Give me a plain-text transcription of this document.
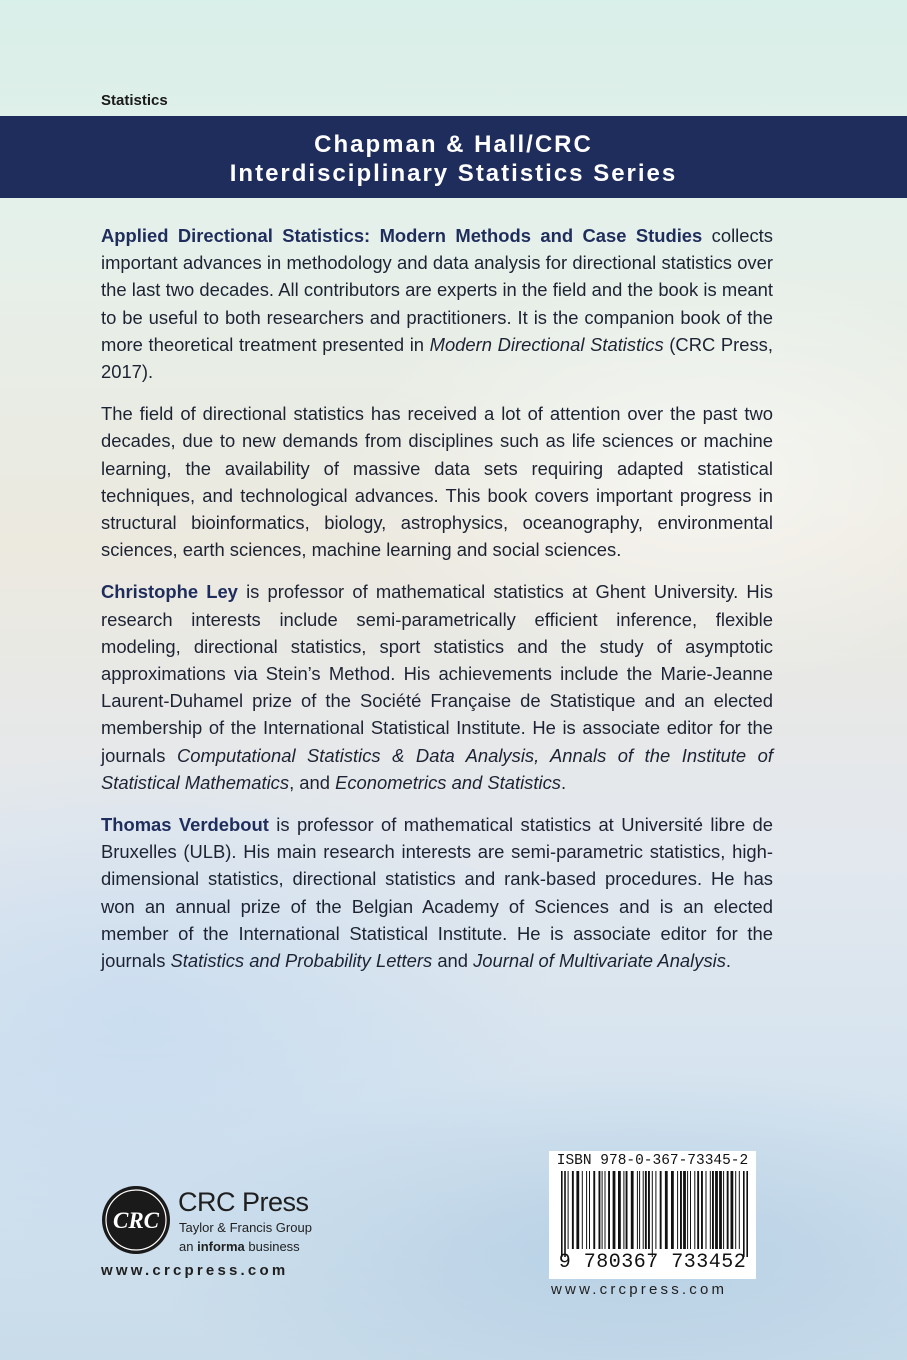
Statistics
Chapman & Hall/CRC
Interdisciplinary Statistics Series

Applied Directional Statistics: Modern Methods and Case Studies collects important advances in methodology and data analysis for directional statistics over the last two decades. All contributors are experts in the field and the book is meant to be useful to both researchers and practitioners. It is the companion book of the more theoretical treatment presented in Modern Directional Statistics (CRC Press, 2017).

The field of directional statistics has received a lot of attention over the past two decades, due to new demands from disciplines such as life sciences or machine learning, the availability of massive data sets requiring adapted statistical techniques, and technological advances. This book covers important progress in structural bioinformatics, biology, astrophysics, oceanography, environmental sciences, earth sciences, machine learning and social sciences.

Christophe Ley is professor of mathematical statistics at Ghent University. His research interests include semi-parametrically efficient inference, flexible modeling, directional statistics, sport statistics and the study of asymptotic approximations via Stein’s Method. His achievements include the Marie-Jeanne Laurent-Duhamel prize of the Société Française de Statistique and an elected membership of the International Statistical Institute. He is associate editor for the journals Computational Statistics & Data Analysis, Annals of the Institute of Statistical Mathematics, and Econometrics and Statistics.

Thomas Verdebout is professor of mathematical statistics at Université libre de Bruxelles (ULB). His main research interests are semi-parametric statistics, high-dimensional statistics, directional statistics and rank-based procedures. He has won an annual prize of the Belgian Academy of Sciences and is an elected member of the International Statistical Institute. He is associate editor for the journals Statistics and Probability Letters and Journal of Multivariate Analysis.

CRC
CRC Press
Taylor & Francis Group
an informa business
www.crcpress.com
ISBN 978-0-367-73345-2
9 780367 733452
www.crcpress.com
